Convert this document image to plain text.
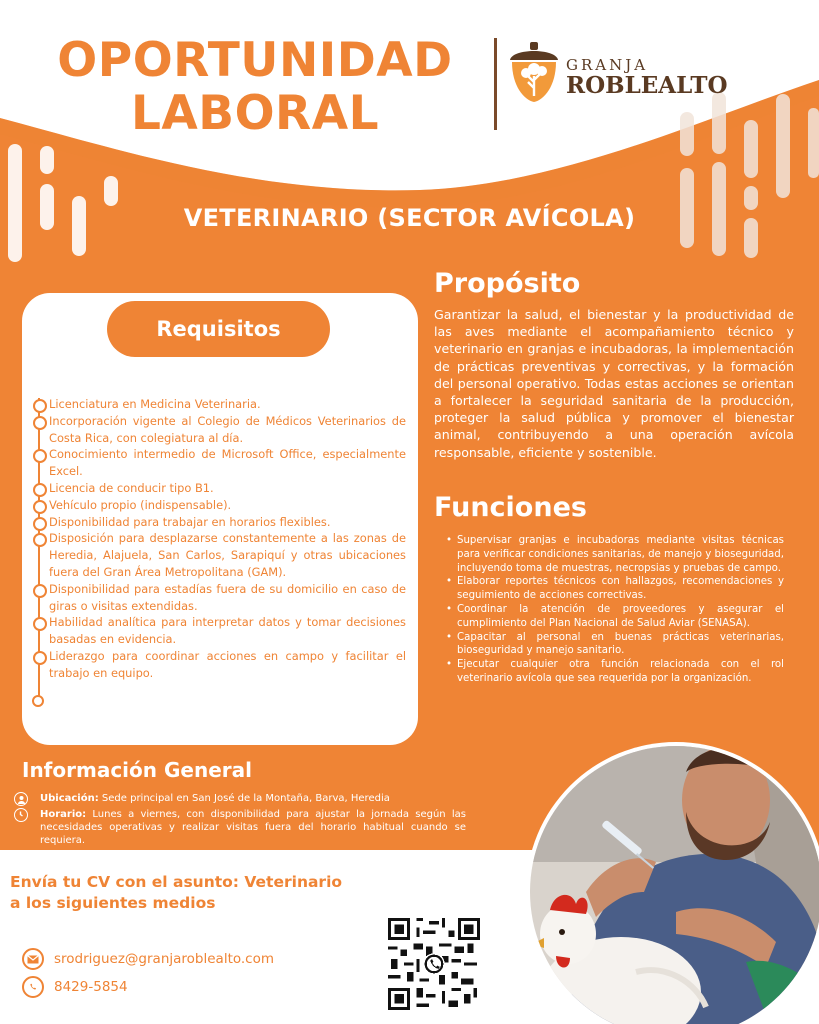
OPORTUNIDAD
LABORAL
GRANJA
ROBLEALTO
VETERINARIO (SECTOR AVÍCOLA)
Requisitos
Licenciatura en Medicina Veterinaria.
Incorporación vigente al Colegio de Médicos Veterinarios de Costa Rica, con colegiatura al día.
Conocimiento intermedio de Microsoft Office, especialmente Excel.
Licencia de conducir tipo B1.
Vehículo propio (indispensable).
Disponibilidad para trabajar en horarios flexibles.
Disposición para desplazarse constantemente a las zonas de Heredia, Alajuela, San Carlos, Sarapiquí y otras ubicaciones fuera del Gran Área Metropolitana (GAM).
Disponibilidad para estadías fuera de su domicilio en caso de giras o visitas extendidas.
Habilidad analítica para interpretar datos y tomar decisiones basadas en evidencia.
Liderazgo para coordinar acciones en campo y facilitar el trabajo en equipo.
Propósito
Garantizar la salud, el bienestar y la productividad de las aves mediante el acompañamiento técnico y veterinario en granjas e incubadoras, la implementación de prácticas preventivas y correctivas, y la formación del personal operativo. Todas estas acciones se orientan a fortalecer la seguridad sanitaria de la producción, proteger la salud pública y promover el bienestar animal, contribuyendo a una operación avícola responsable, eficiente y sostenible.
Funciones
• Supervisar granjas e incubadoras mediante visitas técnicas para verificar condiciones sanitarias, de manejo y bioseguridad, incluyendo toma de muestras, necropsias y pruebas de campo.
• Elaborar reportes técnicos con hallazgos, recomendaciones y seguimiento de acciones correctivas.
• Coordinar la atención de proveedores y asegurar el cumplimiento del Plan Nacional de Salud Aviar (SENASA).
• Capacitar al personal en buenas prácticas veterinarias, bioseguridad y manejo sanitario.
• Ejecutar cualquier otra función relacionada con el rol veterinario avícola que sea requerida por la organización.
Información General
Ubicación: Sede principal en San José de la Montaña, Barva, Heredia
Horario: Lunes a viernes, con disponibilidad para ajustar la jornada según las necesidades operativas y realizar visitas fuera del horario habitual cuando se requiera.
Envía tu CV con el asunto: Veterinario
a los siguientes medios
srodriguez@granjaroblealto.com
8429-5854
